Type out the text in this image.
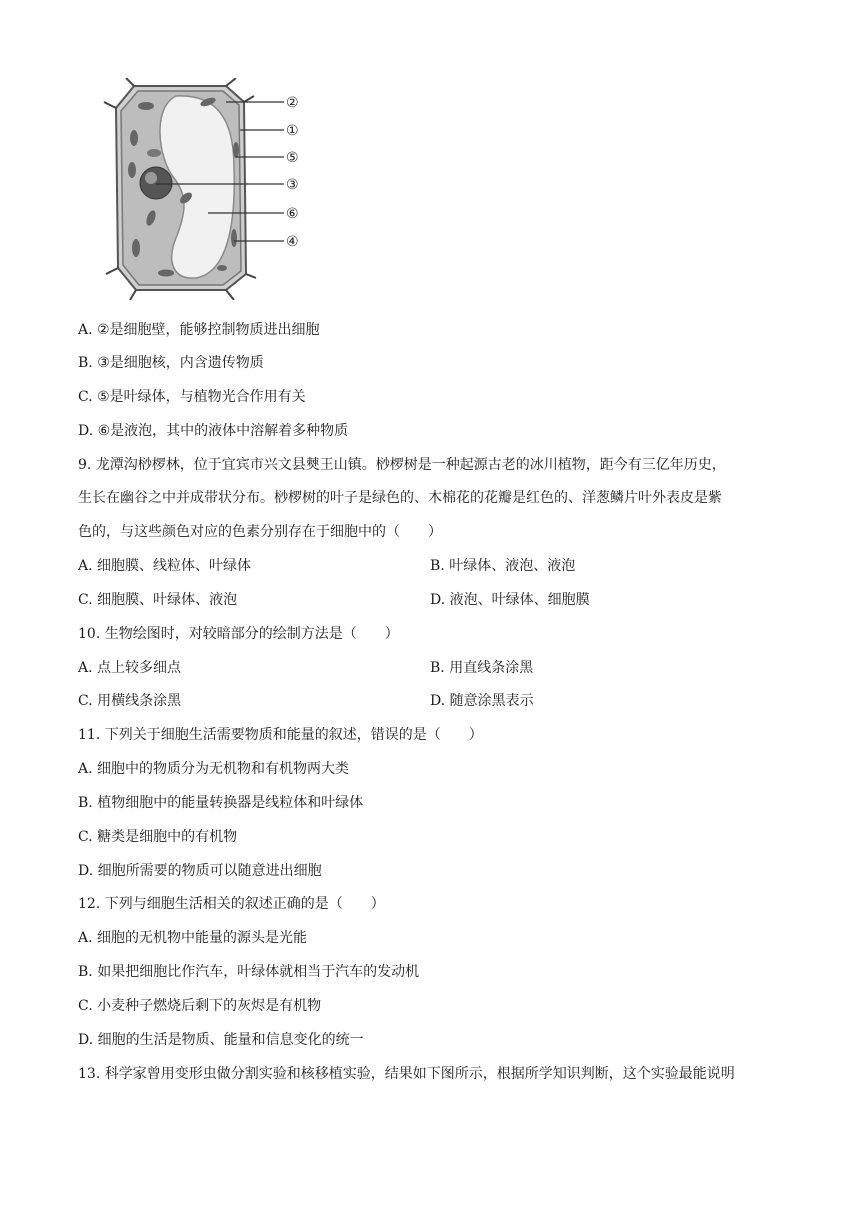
②
①
⑤
③
⑥
④
A. ②是细胞壁，能够控制物质进出细胞
B. ③是细胞核，内含遗传物质
C. ⑤是叶绿体，与植物光合作用有关
D. ⑥是液泡，其中的液体中溶解着多种物质
9. 龙潭沟桫椤林，位于宜宾市兴文县僰王山镇。桫椤树是一种起源古老的冰川植物，距今有三亿年历史，
生长在幽谷之中并成带状分布。桫椤树的叶子是绿色的、木棉花的花瓣是红色的、洋葱鳞片叶外表皮是紫
色的，与这些颜色对应的色素分别存在于细胞中的（　　）
A. 细胞膜、线粒体、叶绿体	B. 叶绿体、液泡、液泡
C. 细胞膜、叶绿体、液泡	D. 液泡、叶绿体、细胞膜
10. 生物绘图时，对较暗部分的绘制方法是（　　）
A. 点上较多细点	B. 用直线条涂黑
C. 用横线条涂黑	D. 随意涂黑表示
11. 下列关于细胞生活需要物质和能量的叙述，错误的是（　　）
A. 细胞中的物质分为无机物和有机物两大类
B. 植物细胞中的能量转换器是线粒体和叶绿体
C. 糖类是细胞中的有机物
D. 细胞所需要的物质可以随意进出细胞
12. 下列与细胞生活相关的叙述正确的是（　　）
A. 细胞的无机物中能量的源头是光能
B. 如果把细胞比作汽车，叶绿体就相当于汽车的发动机
C. 小麦种子燃烧后剩下的灰烬是有机物
D. 细胞的生活是物质、能量和信息变化的统一
13. 科学家曾用变形虫做分割实验和核移植实验，结果如下图所示，根据所学知识判断，这个实验最能说明
